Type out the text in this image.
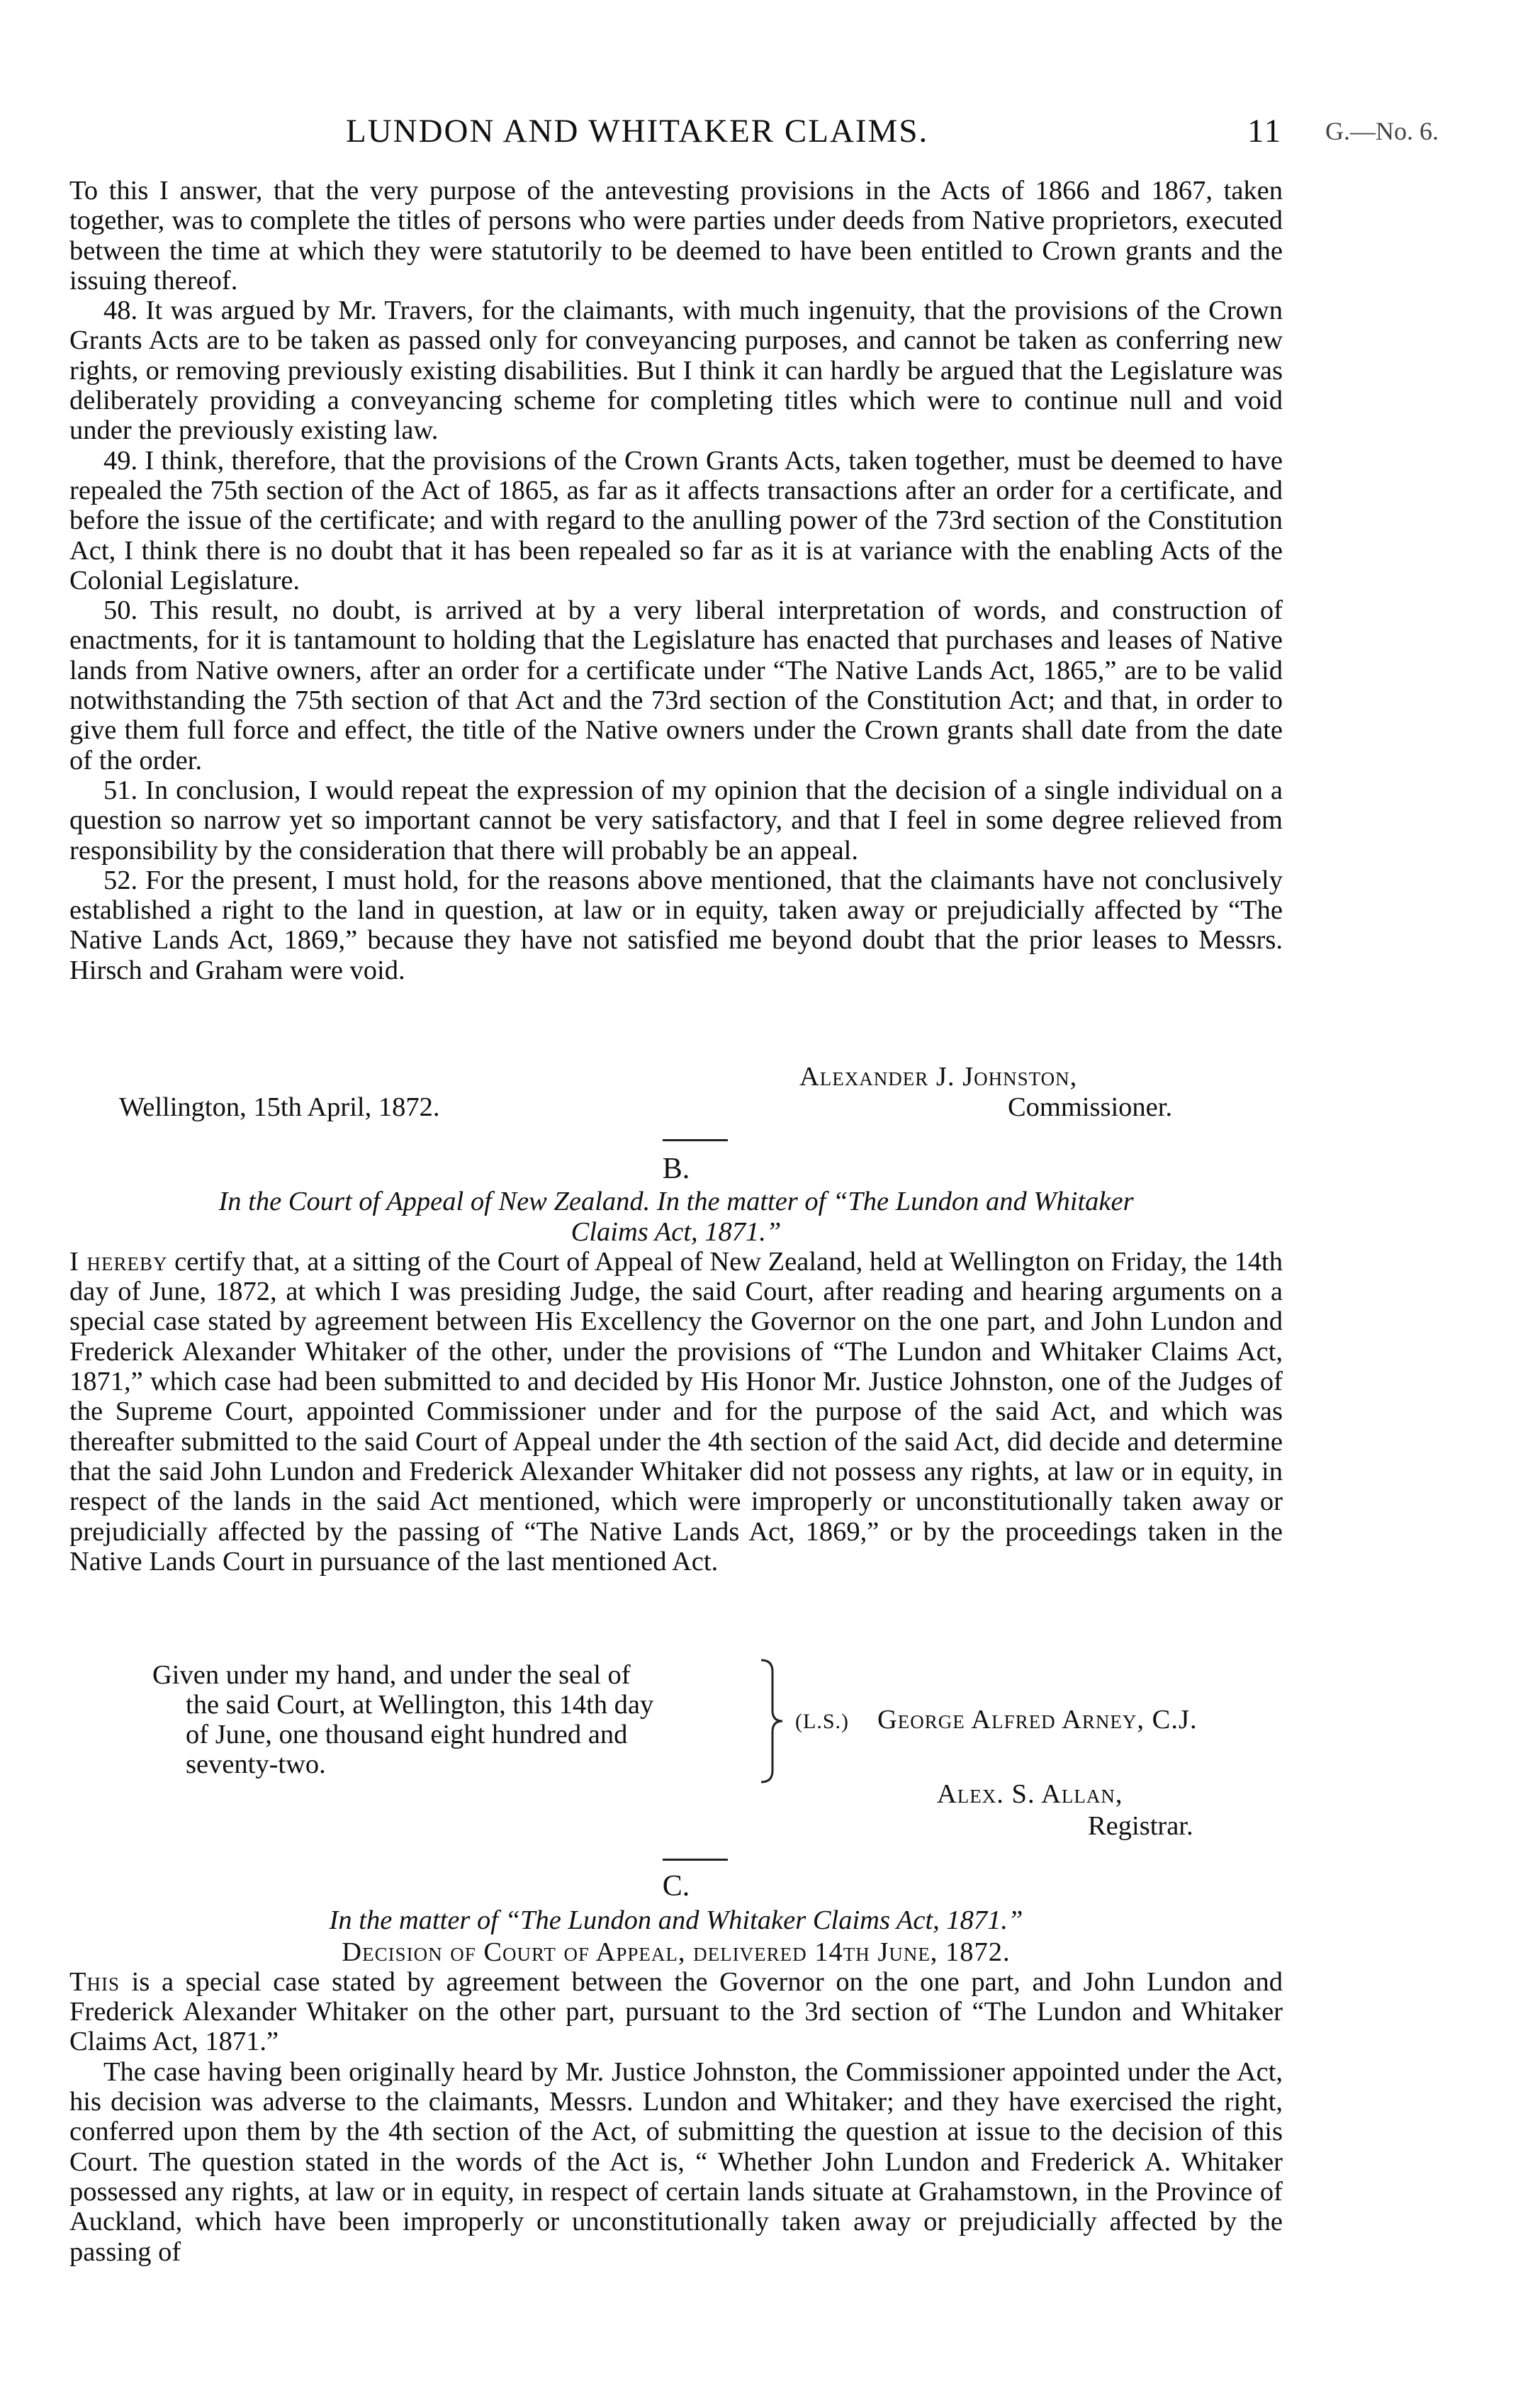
LUNDON AND WHITAKER CLAIMS.	11 G.—No. 6.

To this I answer, that the very purpose of the antevesting provisions in the Acts of 1866 and 1867, taken together, was to complete the titles of persons who were parties under deeds from Native proprietors, executed between the time at which they were statutorily to be deemed to have been entitled to Crown grants and the issuing thereof.

48. It was argued by Mr. Travers, for the claimants, with much ingenuity, that the provisions of the Crown Grants Acts are to be taken as passed only for conveyancing purposes, and cannot be taken as conferring new rights, or removing previously existing disabilities. But I think it can hardly be argued that the Legislature was deliberately providing a conveyancing scheme for completing titles which were to continue null and void under the previously existing law.

49. I think, therefore, that the provisions of the Crown Grants Acts, taken together, must be deemed to have repealed the 75th section of the Act of 1865, as far as it affects transactions after an order for a certificate, and before the issue of the certificate; and with regard to the anulling power of the 73rd section of the Constitution Act, I think there is no doubt that it has been repealed so far as it is at variance with the enabling Acts of the Colonial Legislature.

50. This result, no doubt, is arrived at by a very liberal interpretation of words, and construction of enactments, for it is tantamount to holding that the Legislature has enacted that purchases and leases of Native lands from Native owners, after an order for a certificate under “The Native Lands Act, 1865,” are to be valid notwithstanding the 75th section of that Act and the 73rd section of the Constitution Act; and that, in order to give them full force and effect, the title of the Native owners under the Crown grants shall date from the date of the order.

51. In conclusion, I would repeat the expression of my opinion that the decision of a single individual on a question so narrow yet so important cannot be very satisfactory, and that I feel in some degree relieved from responsibility by the consideration that there will probably be an appeal.

52. For the present, I must hold, for the reasons above mentioned, that the claimants have not conclusively established a right to the land in question, at law or in equity, taken away or prejudicially affected by “The Native Lands Act, 1869,” because they have not satisfied me beyond doubt that the prior leases to Messrs. Hirsch and Graham were void.

Alexander J. Johnston,
Wellington, 15th April, 1872.	Commissioner.

B.

In the Court of Appeal of New Zealand. In the matter of “The Lundon and Whitaker

Claims Act, 1871.”

I hereby certify that, at a sitting of the Court of Appeal of New Zealand, held at Wellington on Friday, the 14th day of June, 1872, at which I was presiding Judge, the said Court, after reading and hearing arguments on a special case stated by agreement between His Excellency the Governor on the one part, and John Lundon and Frederick Alexander Whitaker of the other, under the provisions of “The Lundon and Whitaker Claims Act, 1871,” which case had been submitted to and decided by His Honor Mr. Justice Johnston, one of the Judges of the Supreme Court, appointed Commissioner under and for the purpose of the said Act, and which was thereafter submitted to the said Court of Appeal under the 4th section of the said Act, did decide and determine that the said John Lundon and Frederick Alexander Whitaker did not possess any rights, at law or in equity, in respect of the lands in the said Act mentioned, which were improperly or unconstitutionally taken away or prejudicially affected by the passing of “The Native Lands Act, 1869,” or by the proceedings taken in the Native Lands Court in pursuance of the last mentioned Act.

Given under my hand, and under the seal of
the said Court, at Wellington, this 14th day
of June, one thousand eight hundred and
seventy-two.
(L.S.) George Alfred Arney, C.J.
Alex. S. Allan,
Registrar.

C.

In the matter of “The Lundon and Whitaker Claims Act, 1871.”

Decision of Court of Appeal, delivered 14th June, 1872.

This is a special case stated by agreement between the Governor on the one part, and John Lundon and Frederick Alexander Whitaker on the other part, pursuant to the 3rd section of “The Lundon and Whitaker Claims Act, 1871.”

The case having been originally heard by Mr. Justice Johnston, the Commissioner appointed under the Act, his decision was adverse to the claimants, Messrs. Lundon and Whitaker; and they have exercised the right, conferred upon them by the 4th section of the Act, of submitting the question at issue to the decision of this Court. The question stated in the words of the Act is, “ Whether John Lundon and Frederick A. Whitaker possessed any rights, at law or in equity, in respect of certain lands situate at Grahamstown, in the Province of Auckland, which have been improperly or unconstitutionally taken away or prejudicially affected by the passing of
